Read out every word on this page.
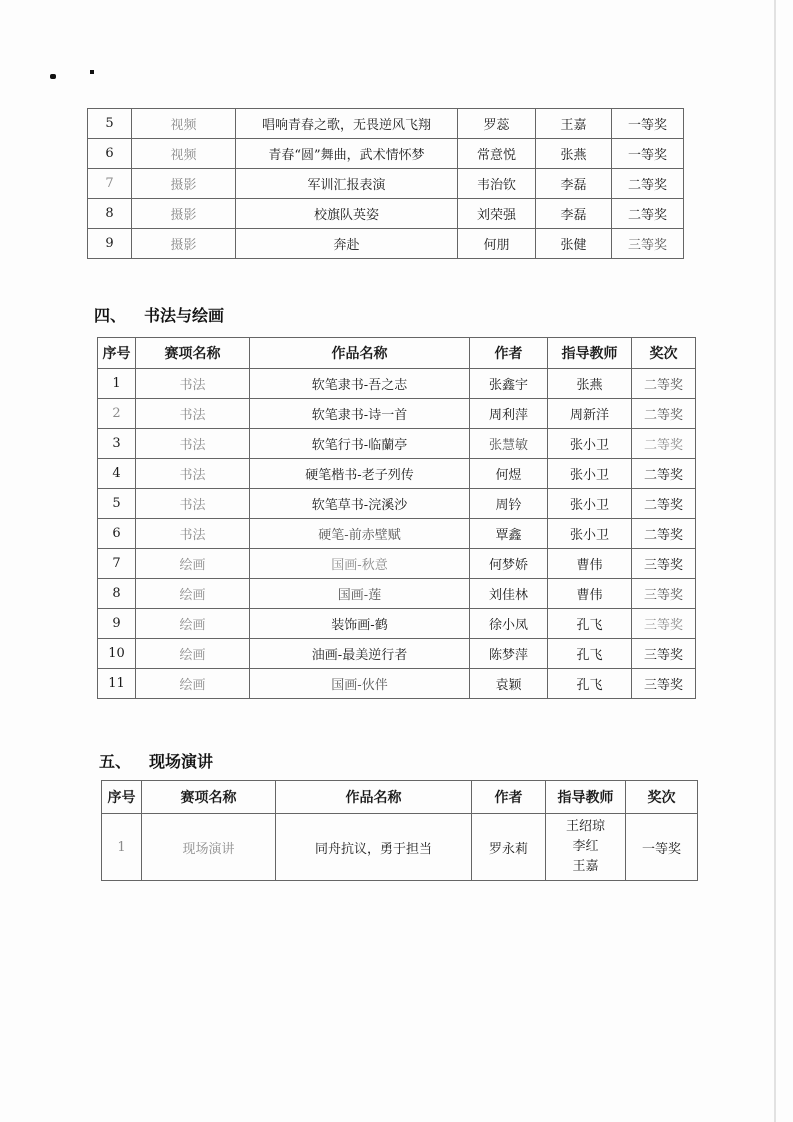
5	视频	唱响青春之歌，无畏逆风飞翔	罗蕊	王嘉	一等奖
6	视频	青春“圆”舞曲，武术情怀梦	常意悦	张燕	一等奖
7	摄影	军训汇报表演	韦治钦	李磊	二等奖
8	摄影	校旗队英姿	刘荣强	李磊	二等奖
9	摄影	奔赴	何朋	张健	三等奖
四、 书法与绘画
序号	赛项名称	作品名称	作者	指导教师	奖次
1	书法	软笔隶书-吾之志	张鑫宇	张燕	二等奖
2	书法	软笔隶书-诗一首	周利萍	周新洋	二等奖
3	书法	软笔行书-临蘭亭	张慧敏	张小卫	二等奖
4	书法	硬笔楷书-老子列传	何煜	张小卫	二等奖
5	书法	软笔草书-浣溪沙	周钤	张小卫	二等奖
6	书法	硬笔-前赤壁赋	覃鑫	张小卫	二等奖
7	绘画	国画-秋意	何梦娇	曹伟	三等奖
8	绘画	国画-莲	刘佳林	曹伟	三等奖
9	绘画	装饰画-鹤	徐小凤	孔飞	三等奖
10	绘画	油画-最美逆行者	陈梦萍	孔飞	三等奖
11	绘画	国画-伙伴	袁颖	孔飞	三等奖
五、 现场演讲
序号	赛项名称	作品名称	作者	指导教师	奖次
1	现场演讲	同舟抗议，勇于担当	罗永莉	王绍琼
李红
王嘉	一等奖
